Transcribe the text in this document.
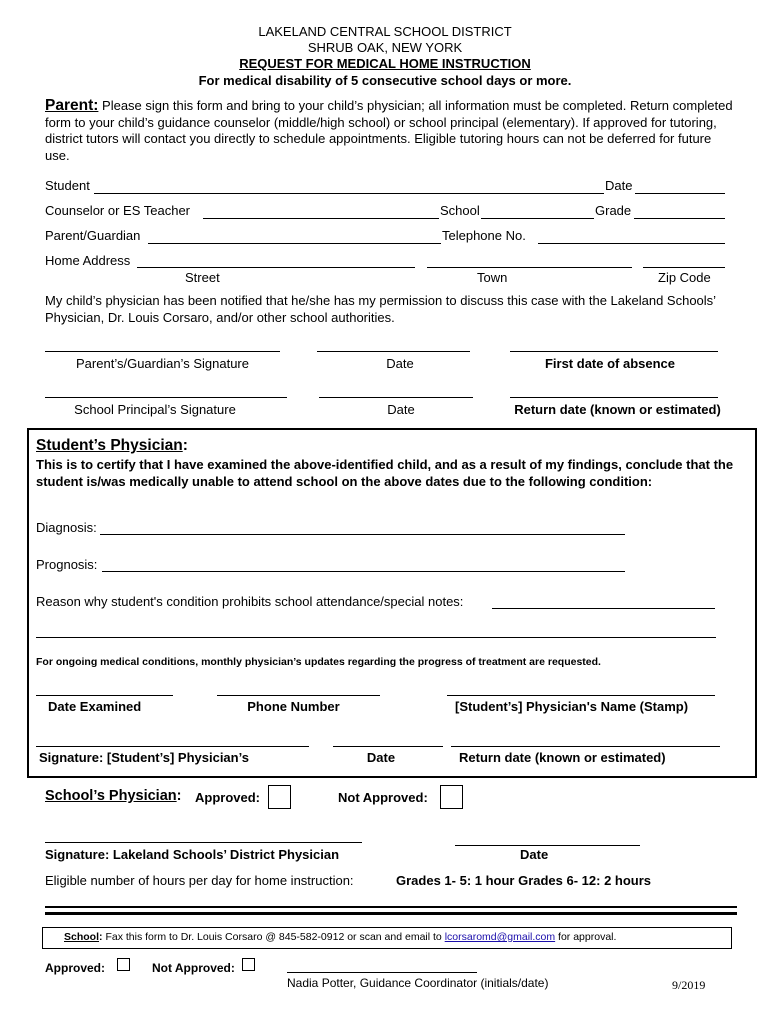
LAKELAND CENTRAL SCHOOL DISTRICT
SHRUB OAK, NEW YORK
REQUEST FOR MEDICAL HOME INSTRUCTION
For medical disability of 5 consecutive school days or more.
Parent: Please sign this form and bring to your child’s physician; all information must be completed. Return completed form to your child’s guidance counselor (middle/high school) or school principal (elementary). If approved for tutoring, district tutors will contact you directly to schedule appointments. Eligible tutoring hours can not be deferred for future use.
Student	Date
Counselor or ES Teacher	School	Grade
Parent/Guardian	Telephone No.
Home Address
Street	Town	Zip Code
My child’s physician has been notified that he/she has my permission to discuss this case with the Lakeland Schools’ Physician, Dr. Louis Corsaro, and/or other school authorities.
Parent’s/Guardian’s Signature	Date	First date of absence
School Principal’s Signature	Date	Return date (known or estimated)
Student’s Physician:
This is to certify that I have examined the above-identified child, and as a result of my findings, conclude that the student is/was medically unable to attend school on the above dates due to the following condition:
Diagnosis:
Prognosis:
Reason why student's condition prohibits school attendance/special notes:
For ongoing medical conditions, monthly physician’s updates regarding the progress of treatment are requested.
Date Examined	Phone Number	[Student’s] Physician's Name (Stamp)
Signature: [Student’s] Physician’s	Date	Return date (known or estimated)
School’s Physician: Approved:	Not Approved:
Signature: Lakeland Schools’ District Physician	Date
Eligible number of hours per day for home instruction:	Grades 1- 5: 1 hour Grades 6- 12: 2 hours
School: Fax this form to Dr. Louis Corsaro @ 845-582-0912 or scan and email to lcorsaromd@gmail.com for approval.
Approved:	Not Approved:
Nadia Potter, Guidance Coordinator (initials/date)	9/2019
